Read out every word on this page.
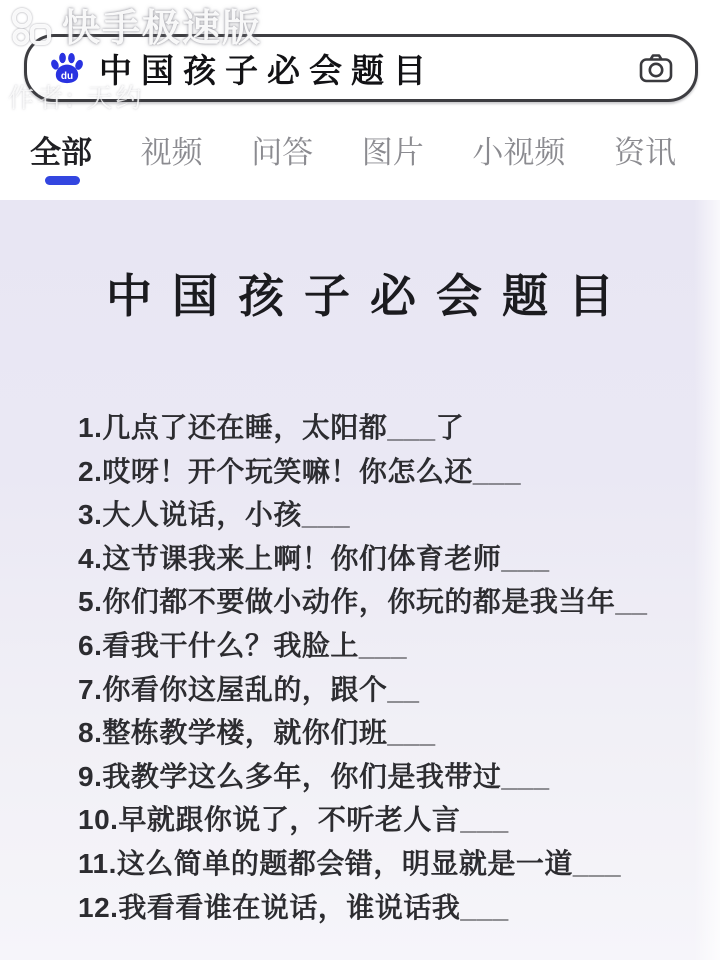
快手极速版
作者: 天约
du 中国孩子必会题目
全部 视频 问答 图片 小视频 资讯
中国孩子必会题目
1.几点了还在睡，太阳都___了
2.哎呀！开个玩笑嘛！你怎么还___
3.大人说话，小孩___
4.这节课我来上啊！你们体育老师___
5.你们都不要做小动作，你玩的都是我当年__
6.看我干什么？我脸上___
7.你看你这屋乱的，跟个__
8.整栋教学楼，就你们班___
9.我教学这么多年，你们是我带过___
10.早就跟你说了，不听老人言___
11.这么简单的题都会错，明显就是一道___
12.我看看谁在说话，谁说话我___
